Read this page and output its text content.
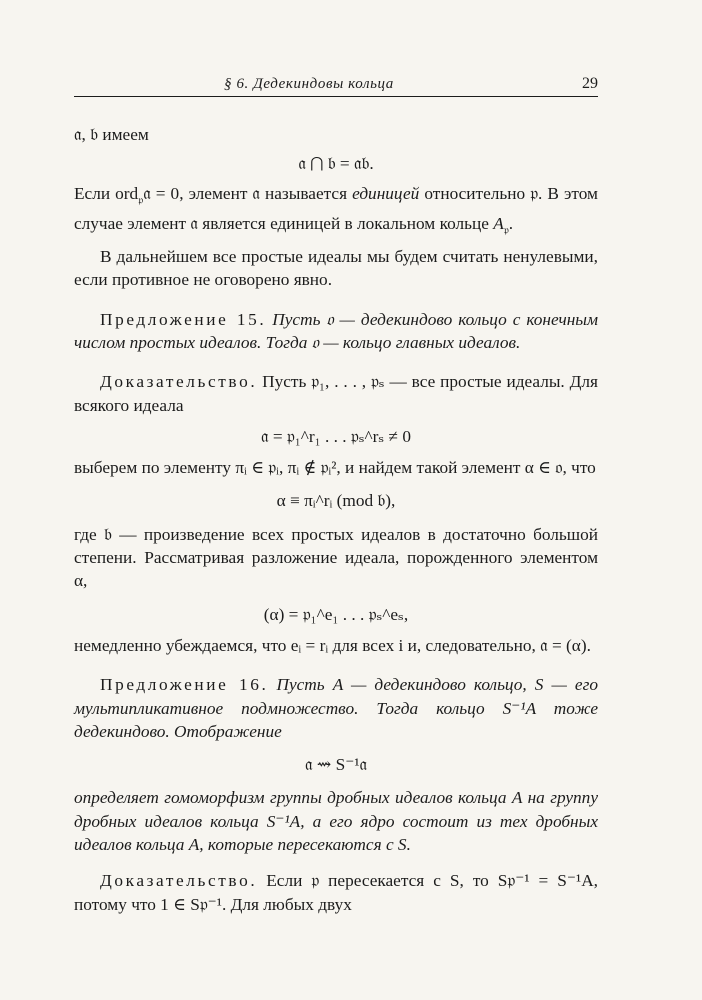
§ 6. Дедекиндовы кольца	29

𝔞, 𝔟 имеем

𝔞 ⋂ 𝔟 = 𝔞𝔟.

Если ord$_𝔭$𝔞 = 0, элемент 𝔞 называется единицей относительно 𝔭. В этом случае элемент 𝔞 является единицей в локальном кольце $A_𝔭$.

В дальнейшем все простые идеалы мы будем считать ненулевыми, если противное не оговорено явно.

Предложение 15. Пусть 𝔬 — дедекиндово кольцо с конечным числом простых идеалов. Тогда 𝔬 — кольцо главных идеалов.

Доказательство. Пусть 𝔭₁, . . . , 𝔭ₛ — все простые идеалы. Для всякого идеала

𝔞 = 𝔭₁^r₁ . . . 𝔭ₛ^rₛ ≠ 0

выберем по элементу πᵢ ∈ 𝔭ᵢ, πᵢ ∉ 𝔭ᵢ², и найдем такой элемент α ∈ 𝔬, что

α ≡ πᵢ^rᵢ (mod 𝔟),

где 𝔟 — произведение всех простых идеалов в достаточно большой степени. Рассматривая разложение идеала, порожденного элементом α,

(α) = 𝔭₁^e₁ . . . 𝔭ₛ^eₛ,

немедленно убеждаемся, что eᵢ = rᵢ для всех i и, следовательно, 𝔞 = (α).

Предложение 16. Пусть A — дедекиндово кольцо, S — его мультипликативное подмножество. Тогда кольцо S⁻¹A тоже дедекиндово. Отображение

𝔞 ⇝ S⁻¹𝔞

определяет гомоморфизм группы дробных идеалов кольца A на группу дробных идеалов кольца S⁻¹A, а его ядро состоит из тех дробных идеалов кольца A, которые пересекаются с S.

Доказательство. Если 𝔭 пересекается с S, то S𝔭⁻¹ = S⁻¹A, потому что 1 ∈ S𝔭⁻¹. Для любых двух
